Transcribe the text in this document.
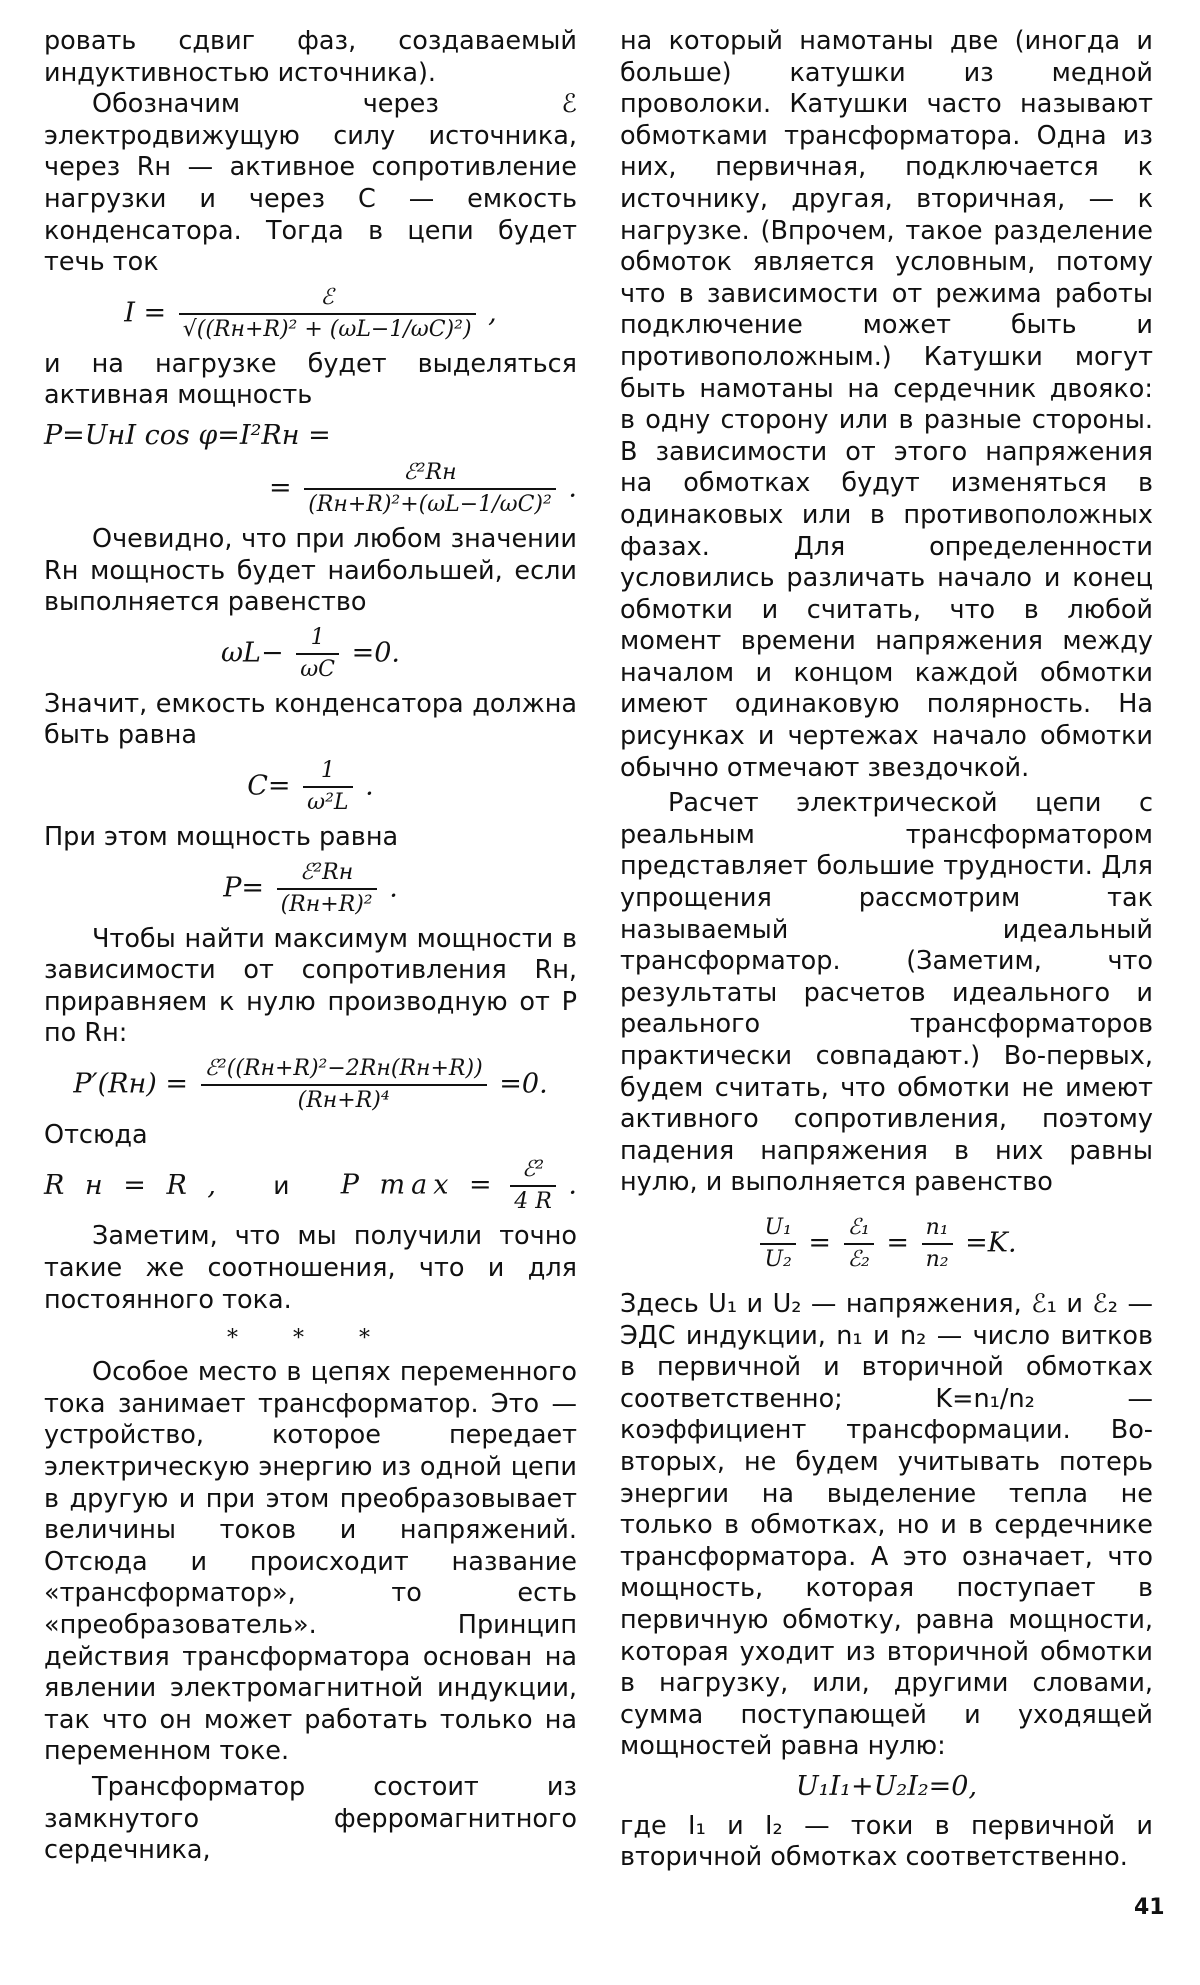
ровать сдвиг фаз, создаваемый индуктивностью источника).

Обозначим через ℰ электродвижущую силу источника, через Rн — активное сопротивление нагрузки и через C — емкость конденсатора. Тогда в цепи будет течь ток

$I = \frac{\text{ℰ}}{\text{√((Rн+R)² + (ωL−1/ωC)²)}}$ ,

и на нагрузке будет выделяться активная мощность

P=UнI cos φ=I²Rн =
= $\frac{\text{ℰ²Rн}}{\text{(Rн+R)²+(ωL−1/ωC)²}}$ .

Очевидно, что при любом значении Rн мощность будет наибольшей, если выполняется равенство

$\omega L- \frac{1}{\omega C} =0$.

Значит, емкость конденсатора должна быть равна

$C= \frac{1}{\text{ω²L}}$ .

При этом мощность равна

$P= \frac{\text{ℰ²Rн}}{\text{(Rн+R)²}}$ .

Чтобы найти максимум мощности в зависимости от сопротивления Rн, приравняем к нулю производную от P по Rн:

$P'(Rн) = \frac{\text{ℰ²((Rн+R)²−2Rн(Rн+R))}}{\text{(Rн+R)⁴}} =0$.

Отсюда

R н = R , и P $\max = \frac{\text{ℰ²}}{4 R}$ .

Заметим, что мы получили точно такие же соотношения, что и для постоянного тока.

* * *

Особое место в цепях переменного тока занимает трансформатор. Это — устройство, которое передает электрическую энергию из одной цепи в другую и при этом преобразовывает величины токов и напряжений. Отсюда и происходит название «трансформатор», то есть «преобразователь». Принцип действия трансформатора основан на явлении электромагнитной индукции, так что он может работать только на переменном токе.

Трансформатор состоит из замкнутого ферромагнитного сердечника,

на который намотаны две (иногда и больше) катушки из медной проволоки. Катушки часто называют обмотками трансформатора. Одна из них, первичная, подключается к источнику, другая, вторичная, — к нагрузке. (Впрочем, такое разделение обмоток является условным, потому что в зависимости от режима работы подключение может быть и противоположным.) Катушки могут быть намотаны на сердечник двояко: в одну сторону или в разные стороны. В зависимости от этого напряжения на обмотках будут изменяться в одинаковых или в противоположных фазах. Для определенности условились различать начало и конец обмотки и считать, что в любой момент времени напряжения между началом и концом каждой обмотки имеют одинаковую полярность. На рисунках и чертежах начало обмотки обычно отмечают звездочкой.

Расчет электрической цепи с реальным трансформатором представляет большие трудности. Для упрощения рассмотрим так называемый идеальный трансформатор. (Заметим, что результаты расчетов идеального и реального трансформаторов практически совпадают.) Во-первых, будем считать, что обмотки не имеют активного сопротивления, поэтому падения напряжения в них равны нулю, и выполняется равенство

$\frac{\text{U₁}}{\text{U₂}} = \frac{\text{ℰ₁}}{\text{ℰ₂}} = \frac{\text{n₁}}{\text{n₂}} =K$.

Здесь U₁ и U₂ — напряжения, ℰ₁ и ℰ₂ — ЭДС индукции, n₁ и n₂ — число витков в первичной и вторичной обмотках соответственно; K=n₁/n₂ — коэффициент трансформации. Во-вторых, не будем учитывать потерь энергии на выделение тепла не только в обмотках, но и в сердечнике трансформатора. А это означает, что мощность, которая поступает в первичную обмотку, равна мощности, которая уходит из вторичной обмотки в нагрузку, или, другими словами, сумма поступающей и уходящей мощностей равна нулю:

U₁I₁+U₂I₂=0,

где I₁ и I₂ — токи в первичной и вторичной обмотках соответственно.

41
